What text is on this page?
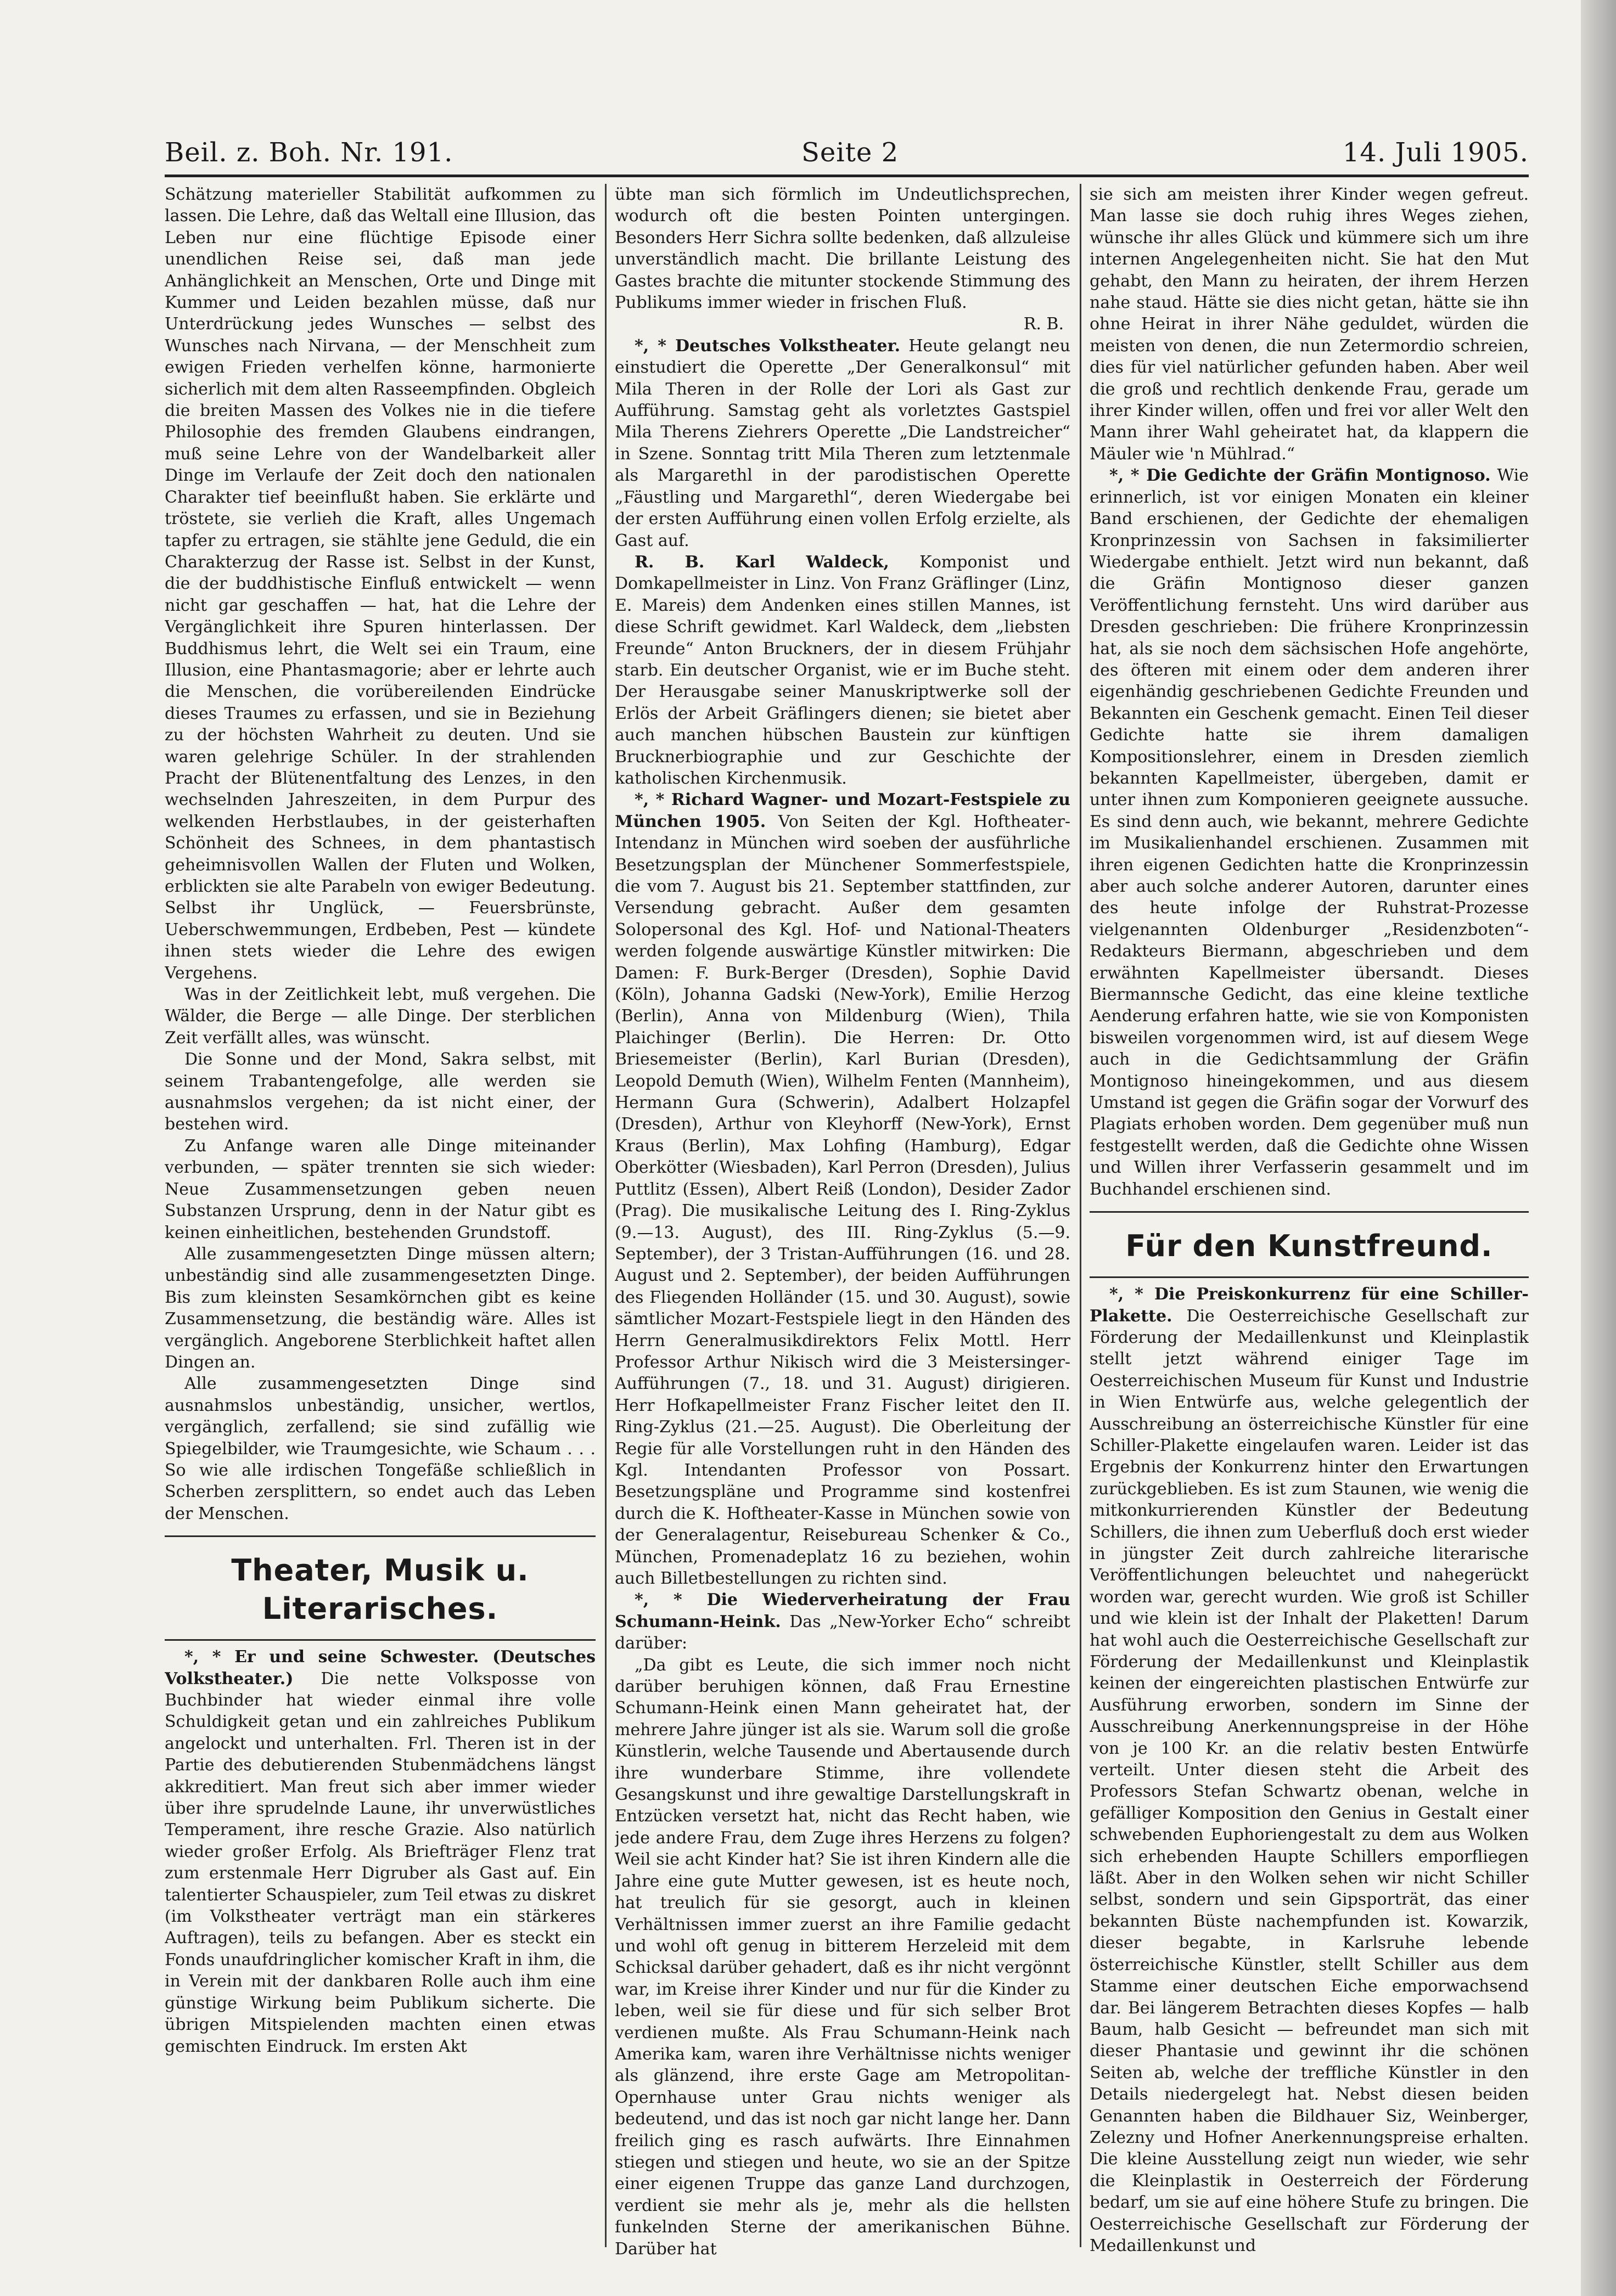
Beil. z. Boh. Nr. 191.	Seite 2	14. Juli 1905.

Schätzung materieller Stabilität aufkommen zu lassen. Die Lehre, daß das Weltall eine Illusion, das Leben nur eine flüchtige Episode einer unendlichen Reise sei, daß man jede Anhänglichkeit an Menschen, Orte und Dinge mit Kummer und Leiden bezahlen müsse, daß nur Unterdrückung jedes Wunsches — selbst des Wunsches nach Nirvana, — der Menschheit zum ewigen Frieden verhelfen könne, harmonierte sicherlich mit dem alten Rasseempfinden. Obgleich die breiten Massen des Volkes nie in die tiefere Philosophie des fremden Glaubens eindrangen, muß seine Lehre von der Wandelbarkeit aller Dinge im Verlaufe der Zeit doch den nationalen Charakter tief beeinflußt haben. Sie erklärte und tröstete, sie verlieh die Kraft, alles Ungemach tapfer zu ertragen, sie stählte jene Geduld, die ein Charakterzug der Rasse ist. Selbst in der Kunst, die der buddhistische Einfluß entwickelt — wenn nicht gar geschaffen — hat, hat die Lehre der Vergänglichkeit ihre Spuren hinterlassen. Der Buddhismus lehrt, die Welt sei ein Traum, eine Illusion, eine Phantasmagorie; aber er lehrte auch die Menschen, die vorübereilenden Eindrücke dieses Traumes zu erfassen, und sie in Beziehung zu der höchsten Wahrheit zu deuten. Und sie waren gelehrige Schüler. In der strahlenden Pracht der Blütenentfaltung des Lenzes, in den wechselnden Jahreszeiten, in dem Purpur des welkenden Herbstlaubes, in der geisterhaften Schönheit des Schnees, in dem phantastisch geheimnisvollen Wallen der Fluten und Wolken, erblickten sie alte Parabeln von ewiger Bedeutung. Selbst ihr Unglück, — Feuersbrünste, Ueberschwemmungen, Erdbeben, Pest — kündete ihnen stets wieder die Lehre des ewigen Vergehens.

Was in der Zeitlichkeit lebt, muß vergehen. Die Wälder, die Berge — alle Dinge. Der sterblichen Zeit verfällt alles, was wünscht.

Die Sonne und der Mond, Sakra selbst, mit seinem Trabantengefolge, alle werden sie ausnahmslos vergehen; da ist nicht einer, der bestehen wird.

Zu Anfange waren alle Dinge miteinander verbunden, — später trennten sie sich wieder: Neue Zusammensetzungen geben neuen Substanzen Ursprung, denn in der Natur gibt es keinen einheitlichen, bestehenden Grundstoff.

Alle zusammengesetzten Dinge müssen altern; unbeständig sind alle zusammengesetzten Dinge. Bis zum kleinsten Sesamkörnchen gibt es keine Zusammensetzung, die beständig wäre. Alles ist vergänglich. Angeborene Sterblichkeit haftet allen Dingen an.

Alle zusammengesetzten Dinge sind ausnahmslos unbeständig, unsicher, wertlos, vergänglich, zerfallend; sie sind zufällig wie Spiegelbilder, wie Traumgesichte, wie Schaum . . . So wie alle irdischen Tongefäße schließlich in Scherben zersplittern, so endet auch das Leben der Menschen.

Theater, Musik u. Literarisches.

*, * Er und seine Schwester. (Deutsches Volkstheater.) Die nette Volksposse von Buchbinder hat wieder einmal ihre volle Schuldigkeit getan und ein zahlreiches Publikum angelockt und unterhalten. Frl. Theren ist in der Partie des debutierenden Stubenmädchens längst akkreditiert. Man freut sich aber immer wieder über ihre sprudelnde Laune, ihr unverwüstliches Temperament, ihre resche Grazie. Also natürlich wieder großer Erfolg. Als Briefträger Flenz trat zum erstenmale Herr Digruber als Gast auf. Ein talentierter Schauspieler, zum Teil etwas zu diskret (im Volkstheater verträgt man ein stärkeres Auftragen), teils zu befangen. Aber es steckt ein Fonds unaufdringlicher komischer Kraft in ihm, die in Verein mit der dankbaren Rolle auch ihm eine günstige Wirkung beim Publikum sicherte. Die übrigen Mitspielenden machten einen etwas gemischten Eindruck. Im ersten Akt

übte man sich förmlich im Undeutlichsprechen, wodurch oft die besten Pointen untergingen. Besonders Herr Sichra sollte bedenken, daß allzuleise unverständlich macht. Die brillante Leistung des Gastes brachte die mitunter stockende Stimmung des Publikums immer wieder in frischen Fluß.

R. B.

*, * Deutsches Volkstheater. Heute gelangt neu einstudiert die Operette „Der Generalkonsul“ mit Mila Theren in der Rolle der Lori als Gast zur Aufführung. Samstag geht als vorletztes Gastspiel Mila Therens Ziehrers Operette „Die Landstreicher“ in Szene. Sonntag tritt Mila Theren zum letztenmale als Margarethl in der parodistischen Operette „Fäustling und Margarethl“, deren Wiedergabe bei der ersten Aufführung einen vollen Erfolg erzielte, als Gast auf.

R. B. Karl Waldeck, Komponist und Domkapellmeister in Linz. Von Franz Gräflinger (Linz, E. Mareis) dem Andenken eines stillen Mannes, ist diese Schrift gewidmet. Karl Waldeck, dem „liebsten Freunde“ Anton Bruckners, der in diesem Frühjahr starb. Ein deutscher Organist, wie er im Buche steht. Der Herausgabe seiner Manuskriptwerke soll der Erlös der Arbeit Gräflingers dienen; sie bietet aber auch manchen hübschen Baustein zur künftigen Brucknerbiographie und zur Geschichte der katholischen Kirchenmusik.

*, * Richard Wagner- und Mozart-Festspiele zu München 1905. Von Seiten der Kgl. Hoftheater-Intendanz in München wird soeben der ausführliche Besetzungsplan der Münchener Sommerfestspiele, die vom 7. August bis 21. September stattfinden, zur Versendung gebracht. Außer dem gesamten Solopersonal des Kgl. Hof- und National-Theaters werden folgende auswärtige Künstler mitwirken: Die Damen: F. Burk-Berger (Dresden), Sophie David (Köln), Johanna Gadski (New-York), Emilie Herzog (Berlin), Anna von Mildenburg (Wien), Thila Plaichinger (Berlin). Die Herren: Dr. Otto Briesemeister (Berlin), Karl Burian (Dresden), Leopold Demuth (Wien), Wilhelm Fenten (Mannheim), Hermann Gura (Schwerin), Adalbert Holzapfel (Dresden), Arthur von Kleyhorff (New-York), Ernst Kraus (Berlin), Max Lohfing (Hamburg), Edgar Oberkötter (Wiesbaden), Karl Perron (Dresden), Julius Puttlitz (Essen), Albert Reiß (London), Desider Zador (Prag). Die musikalische Leitung des I. Ring-Zyklus (9.—13. August), des III. Ring-Zyklus (5.—9. September), der 3 Tristan-Aufführungen (16. und 28. August und 2. September), der beiden Aufführungen des Fliegenden Holländer (15. und 30. August), sowie sämtlicher Mozart-Festspiele liegt in den Händen des Herrn Generalmusikdirektors Felix Mottl. Herr Professor Arthur Nikisch wird die 3 Meistersinger-Aufführungen (7., 18. und 31. August) dirigieren. Herr Hofkapellmeister Franz Fischer leitet den II. Ring-Zyklus (21.—25. August). Die Oberleitung der Regie für alle Vorstellungen ruht in den Händen des Kgl. Intendanten Professor von Possart. Besetzungspläne und Programme sind kostenfrei durch die K. Hoftheater-Kasse in München sowie von der Generalagentur, Reisebureau Schenker & Co., München, Promenadeplatz 16 zu beziehen, wohin auch Billetbestellungen zu richten sind.

*, * Die Wiederverheiratung der Frau Schumann-Heink. Das „New-Yorker Echo“ schreibt darüber:

„Da gibt es Leute, die sich immer noch nicht darüber beruhigen können, daß Frau Ernestine Schumann-Heink einen Mann geheiratet hat, der mehrere Jahre jünger ist als sie. Warum soll die große Künstlerin, welche Tausende und Abertausende durch ihre wunderbare Stimme, ihre vollendete Gesangskunst und ihre gewaltige Darstellungskraft in Entzücken versetzt hat, nicht das Recht haben, wie jede andere Frau, dem Zuge ihres Herzens zu folgen? Weil sie acht Kinder hat? Sie ist ihren Kindern alle die Jahre eine gute Mutter gewesen, ist es heute noch, hat treulich für sie gesorgt, auch in kleinen Verhältnissen immer zuerst an ihre Familie gedacht und wohl oft genug in bitterem Herzeleid mit dem Schicksal darüber gehadert, daß es ihr nicht vergönnt war, im Kreise ihrer Kinder und nur für die Kinder zu leben, weil sie für diese und für sich selber Brot verdienen mußte. Als Frau Schumann-Heink nach Amerika kam, waren ihre Verhältnisse nichts weniger als glänzend, ihre erste Gage am Metropolitan-Opernhause unter Grau nichts weniger als bedeutend, und das ist noch gar nicht lange her. Dann freilich ging es rasch aufwärts. Ihre Einnahmen stiegen und stiegen und heute, wo sie an der Spitze einer eigenen Truppe das ganze Land durchzogen, verdient sie mehr als je, mehr als die hellsten funkelnden Sterne der amerikanischen Bühne. Darüber hat

sie sich am meisten ihrer Kinder wegen gefreut. Man lasse sie doch ruhig ihres Weges ziehen, wünsche ihr alles Glück und kümmere sich um ihre internen Angelegenheiten nicht. Sie hat den Mut gehabt, den Mann zu heiraten, der ihrem Herzen nahe staud. Hätte sie dies nicht getan, hätte sie ihn ohne Heirat in ihrer Nähe geduldet, würden die meisten von denen, die nun Zetermordio schreien, dies für viel natürlicher gefunden haben. Aber weil die groß und rechtlich denkende Frau, gerade um ihrer Kinder willen, offen und frei vor aller Welt den Mann ihrer Wahl geheiratet hat, da klappern die Mäuler wie 'n Mühlrad.“

*, * Die Gedichte der Gräfin Montignoso. Wie erinnerlich, ist vor einigen Monaten ein kleiner Band erschienen, der Gedichte der ehemaligen Kronprinzessin von Sachsen in faksimilierter Wiedergabe enthielt. Jetzt wird nun bekannt, daß die Gräfin Montignoso dieser ganzen Veröffentlichung fernsteht. Uns wird darüber aus Dresden geschrieben: Die frühere Kronprinzessin hat, als sie noch dem sächsischen Hofe angehörte, des öfteren mit einem oder dem anderen ihrer eigenhändig geschriebenen Gedichte Freunden und Bekannten ein Geschenk gemacht. Einen Teil dieser Gedichte hatte sie ihrem damaligen Kompositionslehrer, einem in Dresden ziemlich bekannten Kapellmeister, übergeben, damit er unter ihnen zum Komponieren geeignete aussuche. Es sind denn auch, wie bekannt, mehrere Gedichte im Musikalienhandel erschienen. Zusammen mit ihren eigenen Gedichten hatte die Kronprinzessin aber auch solche anderer Autoren, darunter eines des heute infolge der Ruhstrat-Prozesse vielgenannten Oldenburger „Residenzboten“-Redakteurs Biermann, abgeschrieben und dem erwähnten Kapellmeister übersandt. Dieses Biermannsche Gedicht, das eine kleine textliche Aenderung erfahren hatte, wie sie von Komponisten bisweilen vorgenommen wird, ist auf diesem Wege auch in die Gedichtsammlung der Gräfin Montignoso hineingekommen, und aus diesem Umstand ist gegen die Gräfin sogar der Vorwurf des Plagiats erhoben worden. Dem gegenüber muß nun festgestellt werden, daß die Gedichte ohne Wissen und Willen ihrer Verfasserin gesammelt und im Buchhandel erschienen sind.

Für den Kunstfreund.

*, * Die Preiskonkurrenz für eine Schiller-Plakette. Die Oesterreichische Gesellschaft zur Förderung der Medaillenkunst und Kleinplastik stellt jetzt während einiger Tage im Oesterreichischen Museum für Kunst und Industrie in Wien Entwürfe aus, welche gelegentlich der Ausschreibung an österreichische Künstler für eine Schiller-Plakette eingelaufen waren. Leider ist das Ergebnis der Konkurrenz hinter den Erwartungen zurückgeblieben. Es ist zum Staunen, wie wenig die mitkonkurrierenden Künstler der Bedeutung Schillers, die ihnen zum Ueberfluß doch erst wieder in jüngster Zeit durch zahlreiche literarische Veröffentlichungen beleuchtet und nahegerückt worden war, gerecht wurden. Wie groß ist Schiller und wie klein ist der Inhalt der Plaketten! Darum hat wohl auch die Oesterreichische Gesellschaft zur Förderung der Medaillenkunst und Kleinplastik keinen der eingereichten plastischen Entwürfe zur Ausführung erworben, sondern im Sinne der Ausschreibung Anerkennungspreise in der Höhe von je 100 Kr. an die relativ besten Entwürfe verteilt. Unter diesen steht die Arbeit des Professors Stefan Schwartz obenan, welche in gefälliger Komposition den Genius in Gestalt einer schwebenden Euphoriengestalt zu dem aus Wolken sich erhebenden Haupte Schillers emporfliegen läßt. Aber in den Wolken sehen wir nicht Schiller selbst, sondern und sein Gipsporträt, das einer bekannten Büste nachempfunden ist. Kowarzik, dieser begabte, in Karlsruhe lebende österreichische Künstler, stellt Schiller aus dem Stamme einer deutschen Eiche emporwachsend dar. Bei längerem Betrachten dieses Kopfes — halb Baum, halb Gesicht — befreundet man sich mit dieser Phantasie und gewinnt ihr die schönen Seiten ab, welche der treffliche Künstler in den Details niedergelegt hat. Nebst diesen beiden Genannten haben die Bildhauer Siz, Weinberger, Zelezny und Hofner Anerkennungspreise erhalten. Die kleine Ausstellung zeigt nun wieder, wie sehr die Kleinplastik in Oesterreich der Förderung bedarf, um sie auf eine höhere Stufe zu bringen. Die Oesterreichische Gesellschaft zur Förderung der Medaillenkunst und
